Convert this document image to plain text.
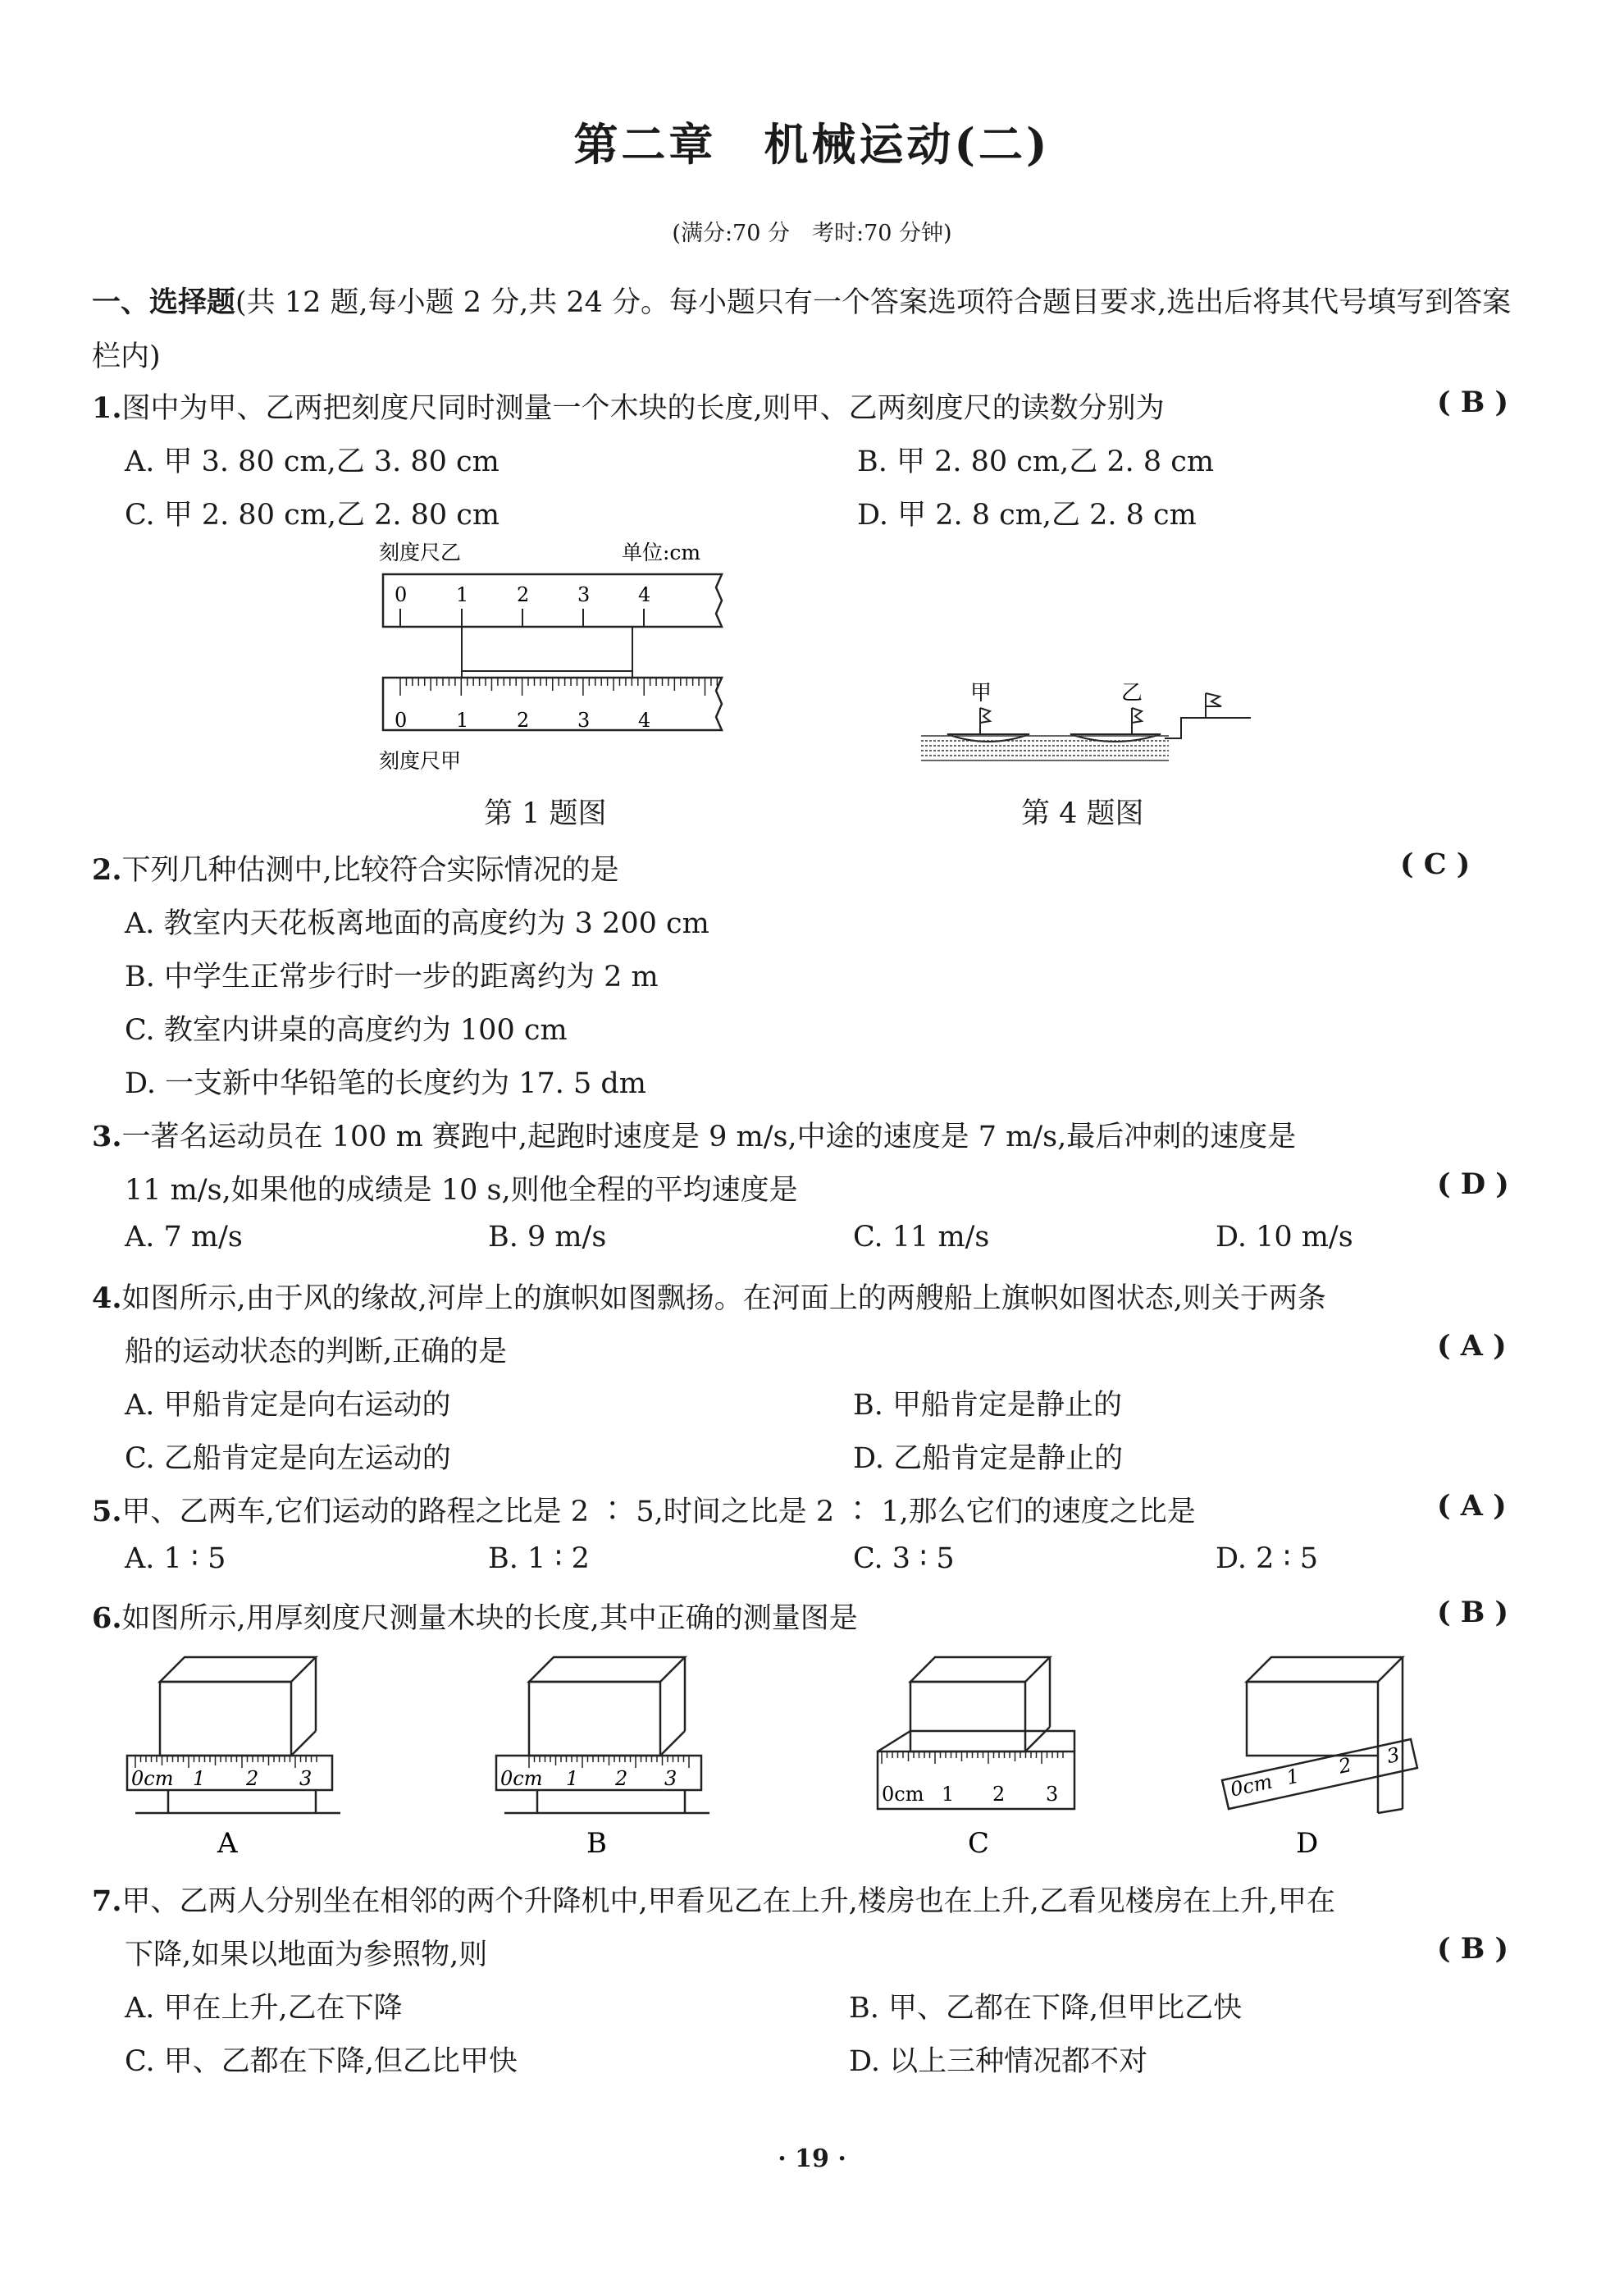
第二章　机械运动(二)
(满分:70 分　考时:70 分钟)
一、选择题(共 12 题,每小题 2 分,共 24 分。每小题只有一个答案选项符合题目要求,选出后将其代号填写到答案栏内)
1.图中为甲、乙两把刻度尺同时测量一个木块的长度,则甲、乙两刻度尺的读数分别为	( B )
A. 甲 3. 80 cm,乙 3. 80 cm	B. 甲 2. 80 cm,乙 2. 8 cm
C. 甲 2. 80 cm,乙 2. 80 cm	D. 甲 2. 8 cm,乙 2. 8 cm
刻度尺乙	单位:cm
0 1 2 3 4
0 1 2 3 4
刻度尺甲
第 1 题图
甲	乙
第 4 题图
2.下列几种估测中,比较符合实际情况的是	( C )
A. 教室内天花板离地面的高度约为 3 200 cm
B. 中学生正常步行时一步的距离约为 2 m
C. 教室内讲桌的高度约为 100 cm
D. 一支新中华铅笔的长度约为 17. 5 dm
3.一著名运动员在 100 m 赛跑中,起跑时速度是 9 m/s,中途的速度是 7 m/s,最后冲刺的速度是
11 m/s,如果他的成绩是 10 s,则他全程的平均速度是	( D )
A. 7 m/s	B. 9 m/s	C. 11 m/s	D. 10 m/s
4.如图所示,由于风的缘故,河岸上的旗帜如图飘扬。在河面上的两艘船上旗帜如图状态,则关于两条
船的运动状态的判断,正确的是	( A )
A. 甲船肯定是向右运动的	B. 甲船肯定是静止的
C. 乙船肯定是向左运动的	D. 乙船肯定是静止的
5.甲、乙两车,它们运动的路程之比是 2 ∶ 5,时间之比是 2 ∶ 1,那么它们的速度之比是	( A )
A. 1 ∶ 5	B. 1 ∶ 2	C. 3 ∶ 5	D. 2 ∶ 5
6.如图所示,用厚刻度尺测量木块的长度,其中正确的测量图是	( B )
0cm 1 2 3
A
0cm 1 2 3
B
0cm 1 2 3
C
0cm 1 2 3
D
7.甲、乙两人分别坐在相邻的两个升降机中,甲看见乙在上升,楼房也在上升,乙看见楼房在上升,甲在
下降,如果以地面为参照物,则	( B )
A. 甲在上升,乙在下降	B. 甲、乙都在下降,但甲比乙快
C. 甲、乙都在下降,但乙比甲快	D. 以上三种情况都不对
· 19 ·
